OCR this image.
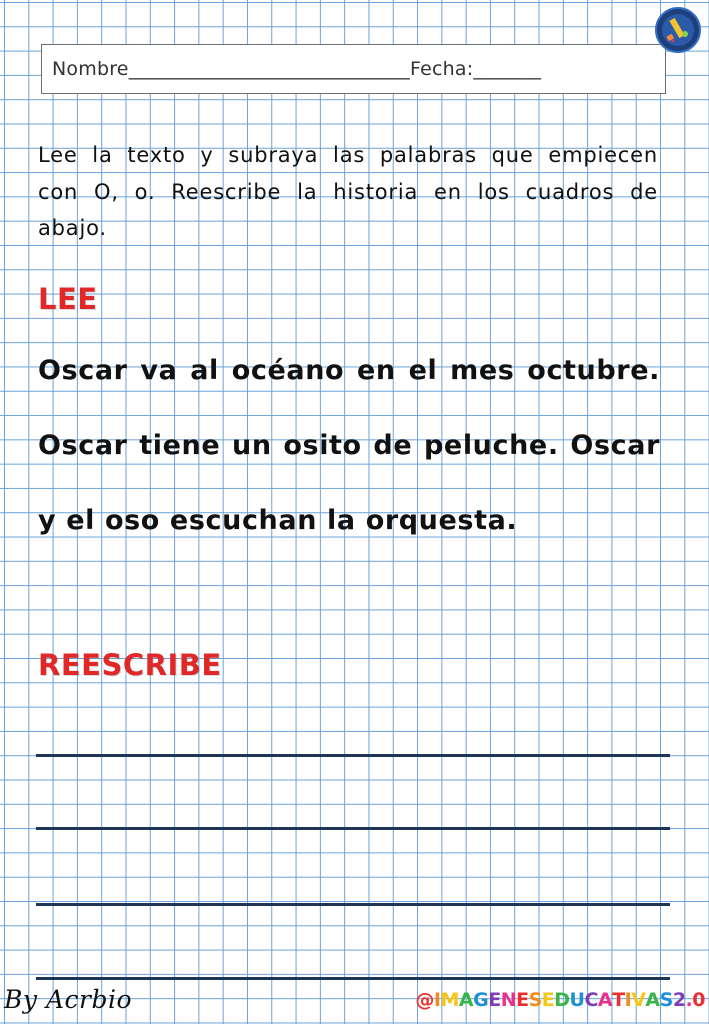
Nombre _____________________________ Fecha: _______
Lee la texto y subraya las palabras que empiecen con O, o. Reescribe la historia en los cuadros de abajo.
LEE
Oscar va al océano en el mes octubre.
Oscar tiene un osito de peluche. Oscar
y el oso escuchan la orquesta.
REESCRIBE
By Acrbio	@IMAGENESEDUCATIVAS2.0
